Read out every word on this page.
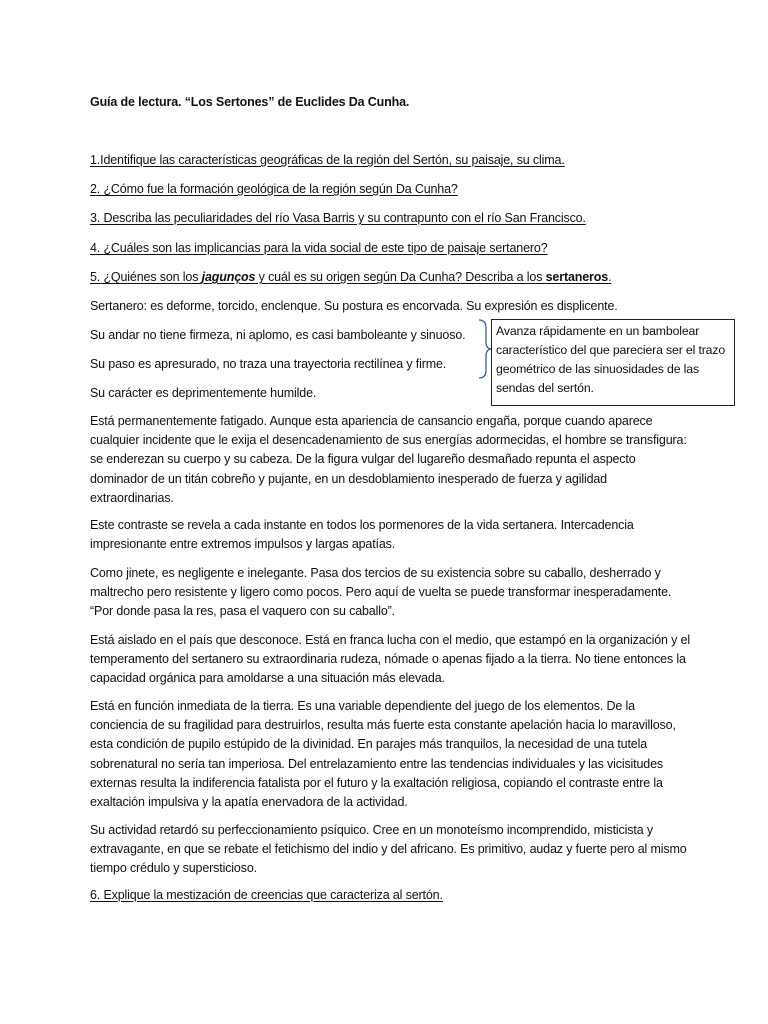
Guía de lectura. “Los Sertones” de Euclides Da Cunha.
1.Identifique las características geográficas de la región del Sertón, su paisaje, su clima.
2. ¿Cómo fue la formación geológica de la región según Da Cunha?
3. Describa las peculiaridades del río Vasa Barris y su contrapunto con el río San Francisco.
4. ¿Cuáles son las implicancias para la vida social de este tipo de paisaje sertanero?
5. ¿Quiénes son los jagunços y cuál es su origen según Da Cunha? Describa a los sertaneros.
Sertanero: es deforme, torcido, enclenque. Su postura es encorvada. Su expresión es displicente.
Su andar no tiene firmeza, ni aplomo, es casi bamboleante y sinuoso.
Su paso es apresurado, no traza una trayectoria rectilínea y firme.
Su carácter es deprimentemente humilde.
Avanza rápidamente en un bambolear característico del que pareciera ser el trazo geométrico de las sinuosidades de las sendas del sertón.

Está permanentemente fatigado. Aunque esta apariencia de cansancio engaña, porque cuando aparece cualquier incidente que le exija el desencadenamiento de sus energías adormecidas, el hombre se transfigura: se enderezan su cuerpo y su cabeza. De la figura vulgar del lugareño desmañado repunta el aspecto dominador de un titán cobreño y pujante, en un desdoblamiento inesperado de fuerza y agilidad extraordinarias.

Este contraste se revela a cada instante en todos los pormenores de la vida sertanera. Intercadencia impresionante entre extremos impulsos y largas apatías.

Como jinete, es negligente e inelegante. Pasa dos tercios de su existencia sobre su caballo, desherrado y maltrecho pero resistente y ligero como pocos. Pero aquí de vuelta se puede transformar inesperadamente. “Por donde pasa la res, pasa el vaquero con su caballo”.

Está aislado en el país que desconoce. Está en franca lucha con el medio, que estampó en la organización y el temperamento del sertanero su extraordinaria rudeza, nómade o apenas fijado a la tierra. No tiene entonces la capacidad orgánica para amoldarse a una situación más elevada.

Está en función inmediata de la tierra. Es una variable dependiente del juego de los elementos. De la conciencia de su fragilidad para destruirlos, resulta más fuerte esta constante apelación hacia lo maravilloso, esta condición de pupilo estúpido de la divinidad. En parajes más tranquilos, la necesidad de una tutela sobrenatural no sería tan imperiosa. Del entrelazamiento entre las tendencias individuales y las vicisitudes externas resulta la indiferencia fatalista por el futuro y la exaltación religiosa, copiando el contraste entre la exaltación impulsiva y la apatía enervadora de la actividad.

Su actividad retardó su perfeccionamiento psíquico. Cree en un monoteísmo incomprendido, misticista y extravagante, en que se rebate el fetichismo del indio y del africano. Es primitivo, audaz y fuerte pero al mismo tiempo crédulo y supersticioso.

6. Explique la mestización de creencias que caracteriza al sertón.
